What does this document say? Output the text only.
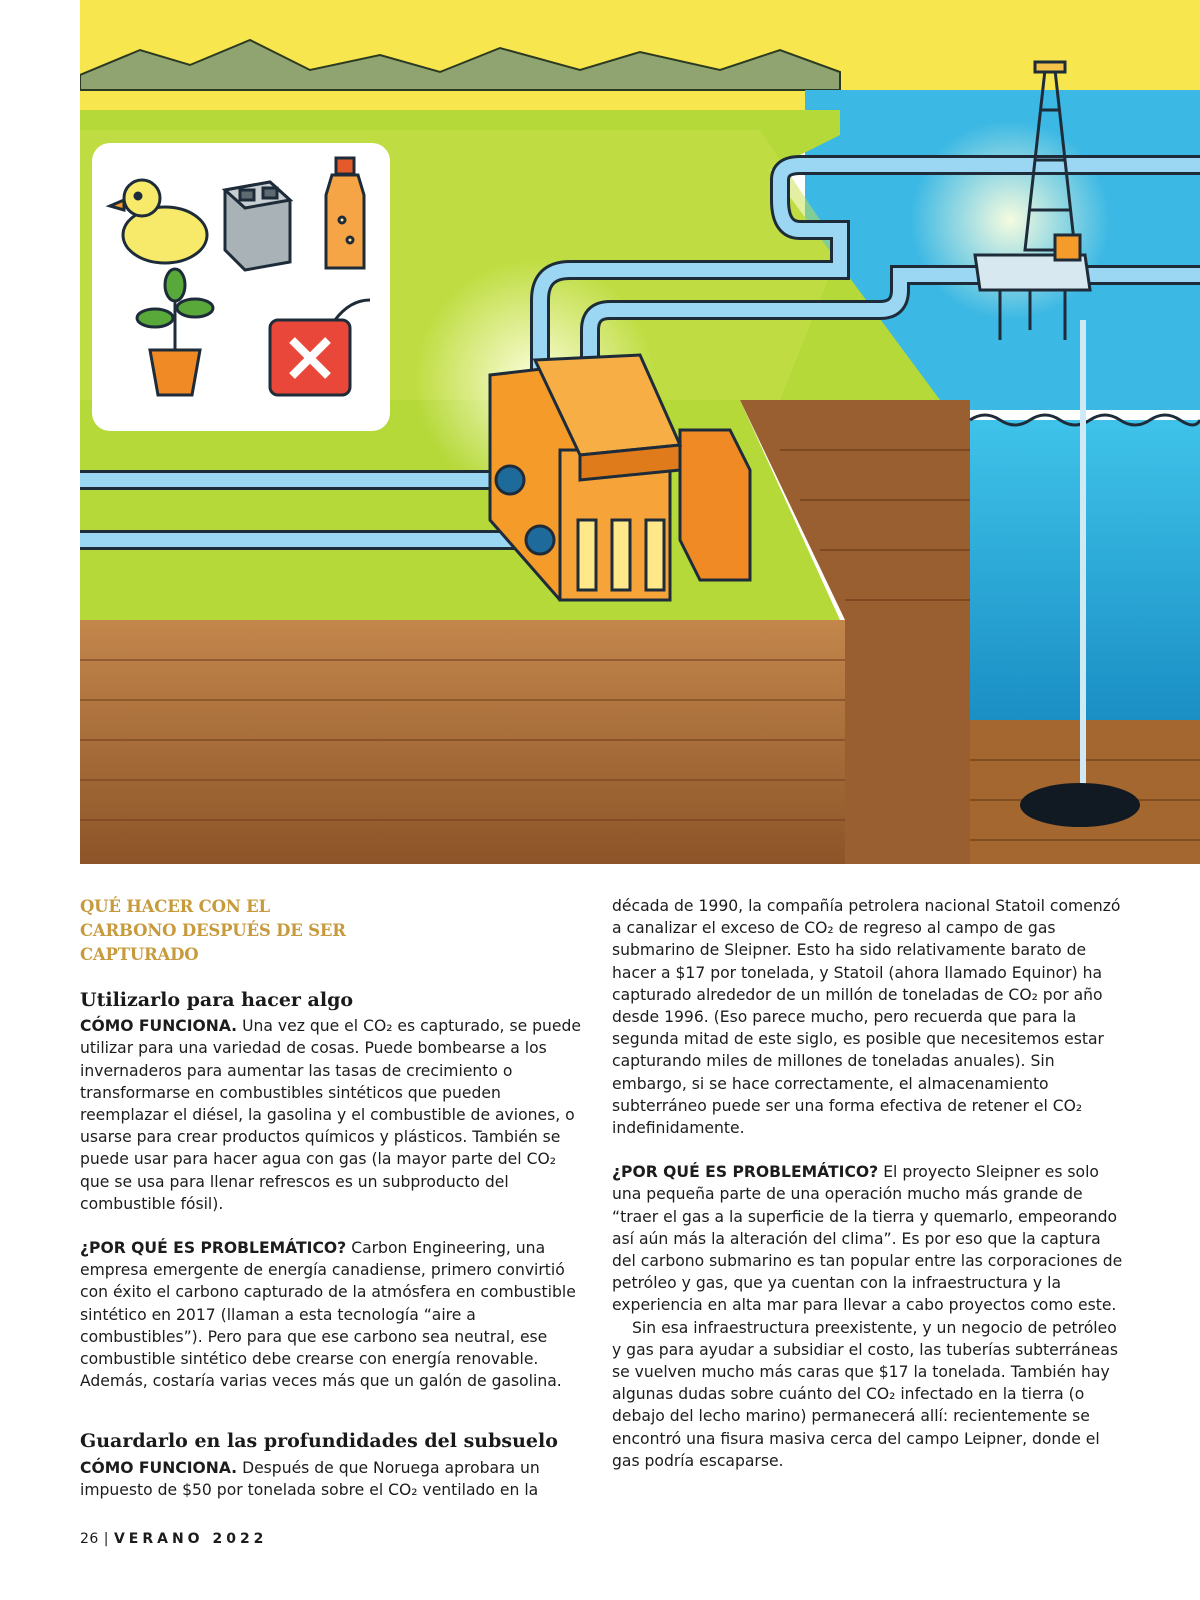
QUÉ HACER CON EL CARBONO DESPUÉS DE SER CAPTURADO

Utilizarlo para hacer algo

CÓMO FUNCIONA. Una vez que el CO₂ es capturado, se puede utilizar para una variedad de cosas. Puede bombearse a los invernaderos para aumentar las tasas de crecimiento o transformarse en combustibles sintéticos que pueden reemplazar el diésel, la gasolina y el combustible de aviones, o usarse para crear productos químicos y plásticos. También se puede usar para hacer agua con gas (la mayor parte del CO₂ que se usa para llenar refrescos es un subproducto del combustible fósil).

¿POR QUÉ ES PROBLEMÁTICO? Carbon Engineering, una empresa emergente de energía canadiense, primero convirtió con éxito el carbono capturado de la atmósfera en combustible sintético en 2017 (llaman a esta tecnología “aire a combustibles”). Pero para que ese carbono sea neutral, ese combustible sintético debe crearse con energía renovable. Además, costaría varias veces más que un galón de gasolina.

Guardarlo en las profundidades del subsuelo

CÓMO FUNCIONA. Después de que Noruega aprobara un impuesto de $50 por tonelada sobre el CO₂ ventilado en la

década de 1990, la compañía petrolera nacional Statoil comenzó a canalizar el exceso de CO₂ de regreso al campo de gas submarino de Sleipner. Esto ha sido relativamente barato de hacer a $17 por tonelada, y Statoil (ahora llamado Equinor) ha capturado alrededor de un millón de toneladas de CO₂ por año desde 1996. (Eso parece mucho, pero recuerda que para la segunda mitad de este siglo, es posible que necesitemos estar capturando miles de millones de toneladas anuales). Sin embargo, si se hace correctamente, el almacenamiento subterráneo puede ser una forma efectiva de retener el CO₂ indefinidamente.

¿POR QUÉ ES PROBLEMÁTICO? El proyecto Sleipner es solo una pequeña parte de una operación mucho más grande de “traer el gas a la superficie de la tierra y quemarlo, empeorando así aún más la alteración del clima”. Es por eso que la captura del carbono submarino es tan popular entre las corporaciones de petróleo y gas, que ya cuentan con la infraestructura y la experiencia en alta mar para llevar a cabo proyectos como este.

Sin esa infraestructura preexistente, y un negocio de petróleo y gas para ayudar a subsidiar el costo, las tuberías subterráneas se vuelven mucho más caras que $17 la tonelada. También hay algunas dudas sobre cuánto del CO₂ infectado en la tierra (o debajo del lecho marino) permanecerá allí: recientemente se encontró una fisura masiva cerca del campo Leipner, donde el gas podría escaparse.

26 | VERANO 2022
